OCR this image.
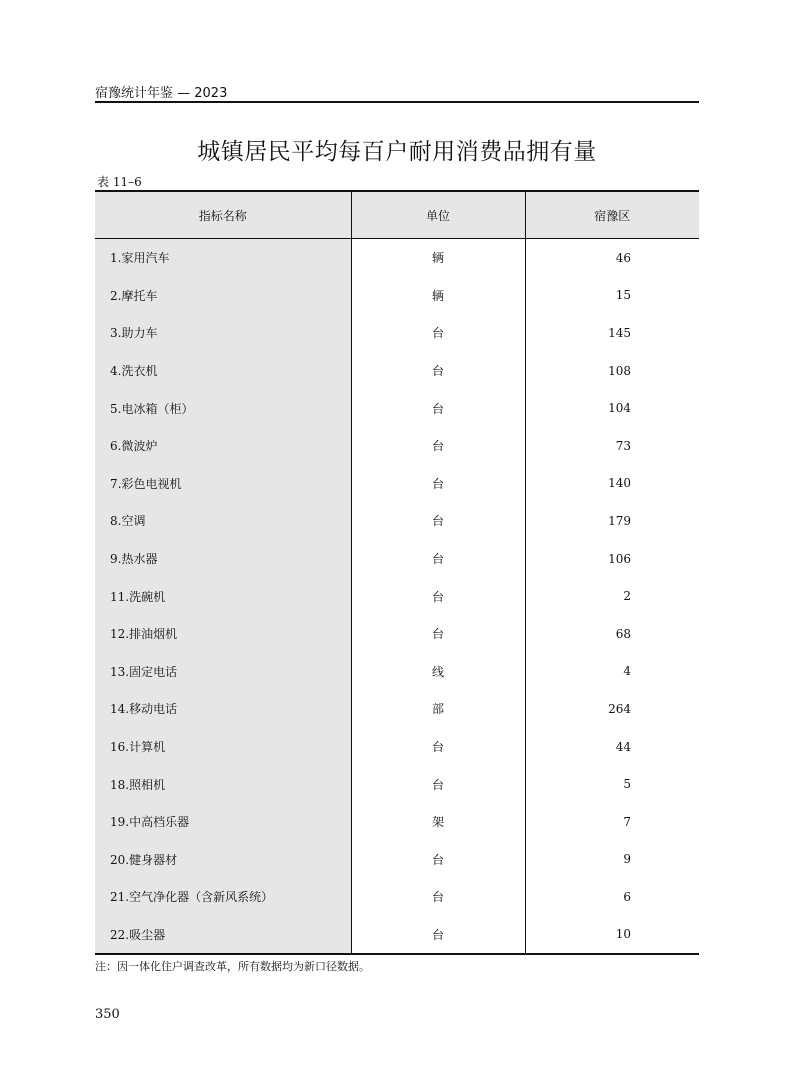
宿豫统计年鉴 — 2023
城镇居民平均每百户耐用消费品拥有量
表 11–6
指标名称	单位	宿豫区
1.家用汽车	辆	46
2.摩托车	辆	15
3.助力车	台	145
4.洗衣机	台	108
5.电冰箱（柜）	台	104
6.微波炉	台	73
7.彩色电视机	台	140
8.空调	台	179
9.热水器	台	106
11.洗碗机	台	2
12.排油烟机	台	68
13.固定电话	线	4
14.移动电话	部	264
16.计算机	台	44
18.照相机	台	5
19.中高档乐器	架	7
20.健身器材	台	9
21.空气净化器（含新风系统）	台	6
22.吸尘器	台	10
注：因一体化住户调查改革，所有数据均为新口径数据。
350
